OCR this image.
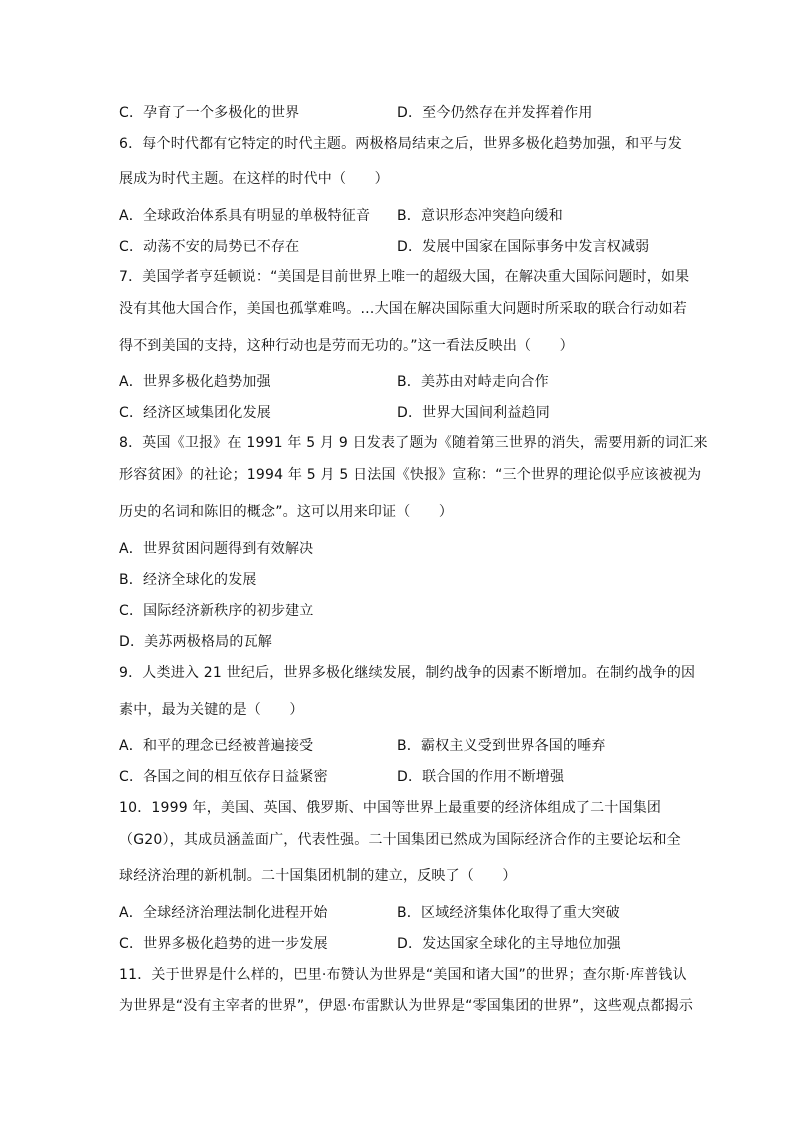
C．孕育了一个多极化的世界	D．至今仍然存在并发挥着作用
6．每个时代都有它特定的时代主题。两极格局结束之后，世界多极化趋势加强，和平与发
展成为时代主题。在这样的时代中（　　）
A．全球政治体系具有明显的单极特征音 B．意识形态冲突趋向缓和
C．动荡不安的局势已不存在	D．发展中国家在国际事务中发言权减弱
7．美国学者亨廷顿说：“美国是目前世界上唯一的超级大国，在解决重大国际问题时，如果
没有其他大国合作，美国也孤掌难鸣。…大国在解决国际重大问题时所采取的联合行动如若
得不到美国的支持，这种行动也是劳而无功的。”这一看法反映出（　　）
A．世界多极化趋势加强	B．美苏由对峙走向合作
C．经济区域集团化发展	D．世界大国间利益趋同
8．英国《卫报》在 1991 年 5 月 9 日发表了题为《随着第三世界的消失，需要用新的词汇来
形容贫困》的社论；1994 年 5 月 5 日法国《快报》宣称：“三个世界的理论似乎应该被视为
历史的名词和陈旧的概念”。这可以用来印证（　　）
A．世界贫困问题得到有效解决
B．经济全球化的发展
C．国际经济新秩序的初步建立
D．美苏两极格局的瓦解
9．人类进入 21 世纪后，世界多极化继续发展，制约战争的因素不断增加。在制约战争的因
素中，最为关键的是（　　）
A．和平的理念已经被普遍接受	B．霸权主义受到世界各国的唾弃
C．各国之间的相互依存日益紧密	D．联合国的作用不断增强
10．1999 年，美国、英国、俄罗斯、中国等世界上最重要的经济体组成了二十国集团
（G20），其成员涵盖面广，代表性强。二十国集团已然成为国际经济合作的主要论坛和全
球经济治理的新机制。二十国集团机制的建立，反映了（　　）
A．全球经济治理法制化进程开始	B．区域经济集体化取得了重大突破
C．世界多极化趋势的进一步发展	D．发达国家全球化的主导地位加强
11．关于世界是什么样的，巴里·布赞认为世界是“美国和诸大国”的世界；查尔斯·库普钱认
为世界是“没有主宰者的世界”，伊恩·布雷默认为世界是“零国集团的世界”，这些观点都揭示
